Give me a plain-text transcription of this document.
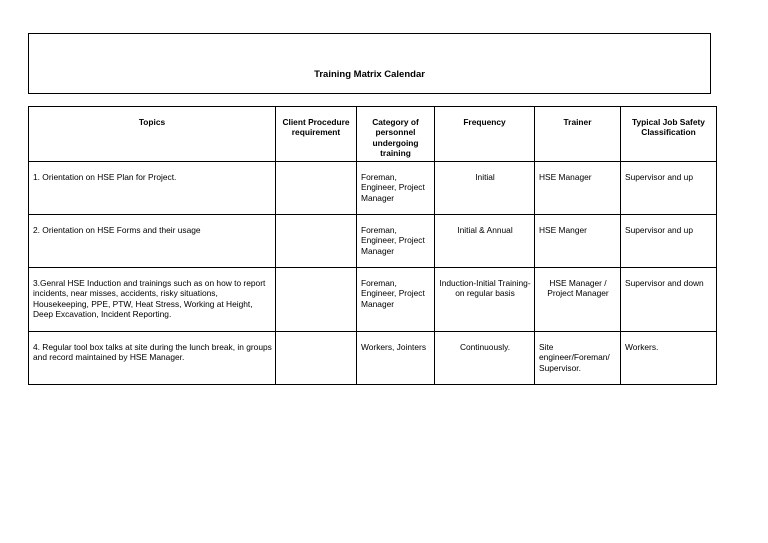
Training Matrix Calendar
Topics	Client Procedure requirement	Category of personnel undergoing training	Frequency	Trainer	Typical Job Safety Classification

1. Orientation on HSE Plan for Project.		Foreman, Engineer, Project Manager	Initial	HSE Manager	Supervisor and up

2. Orientation on HSE Forms and their usage		Foreman, Engineer, Project Manager	Initial & Annual	HSE Manger	Supervisor and up

3.Genral HSE Induction and trainings such as on how to report incidents, near misses, accidents, risky situations, Housekeeping, PPE, PTW, Heat Stress, Working at Height, Deep Excavation, Incident Reporting.		Foreman, Engineer, Project Manager	Induction-Initial Training- on regular basis	HSE Manager / Project Manager	Supervisor and down

4. Regular tool box talks at site during the lunch break, in groups and record maintained by HSE Manager.		Workers, Jointers	Continuously.	Site engineer/Foreman/ Supervisor.	Workers.
